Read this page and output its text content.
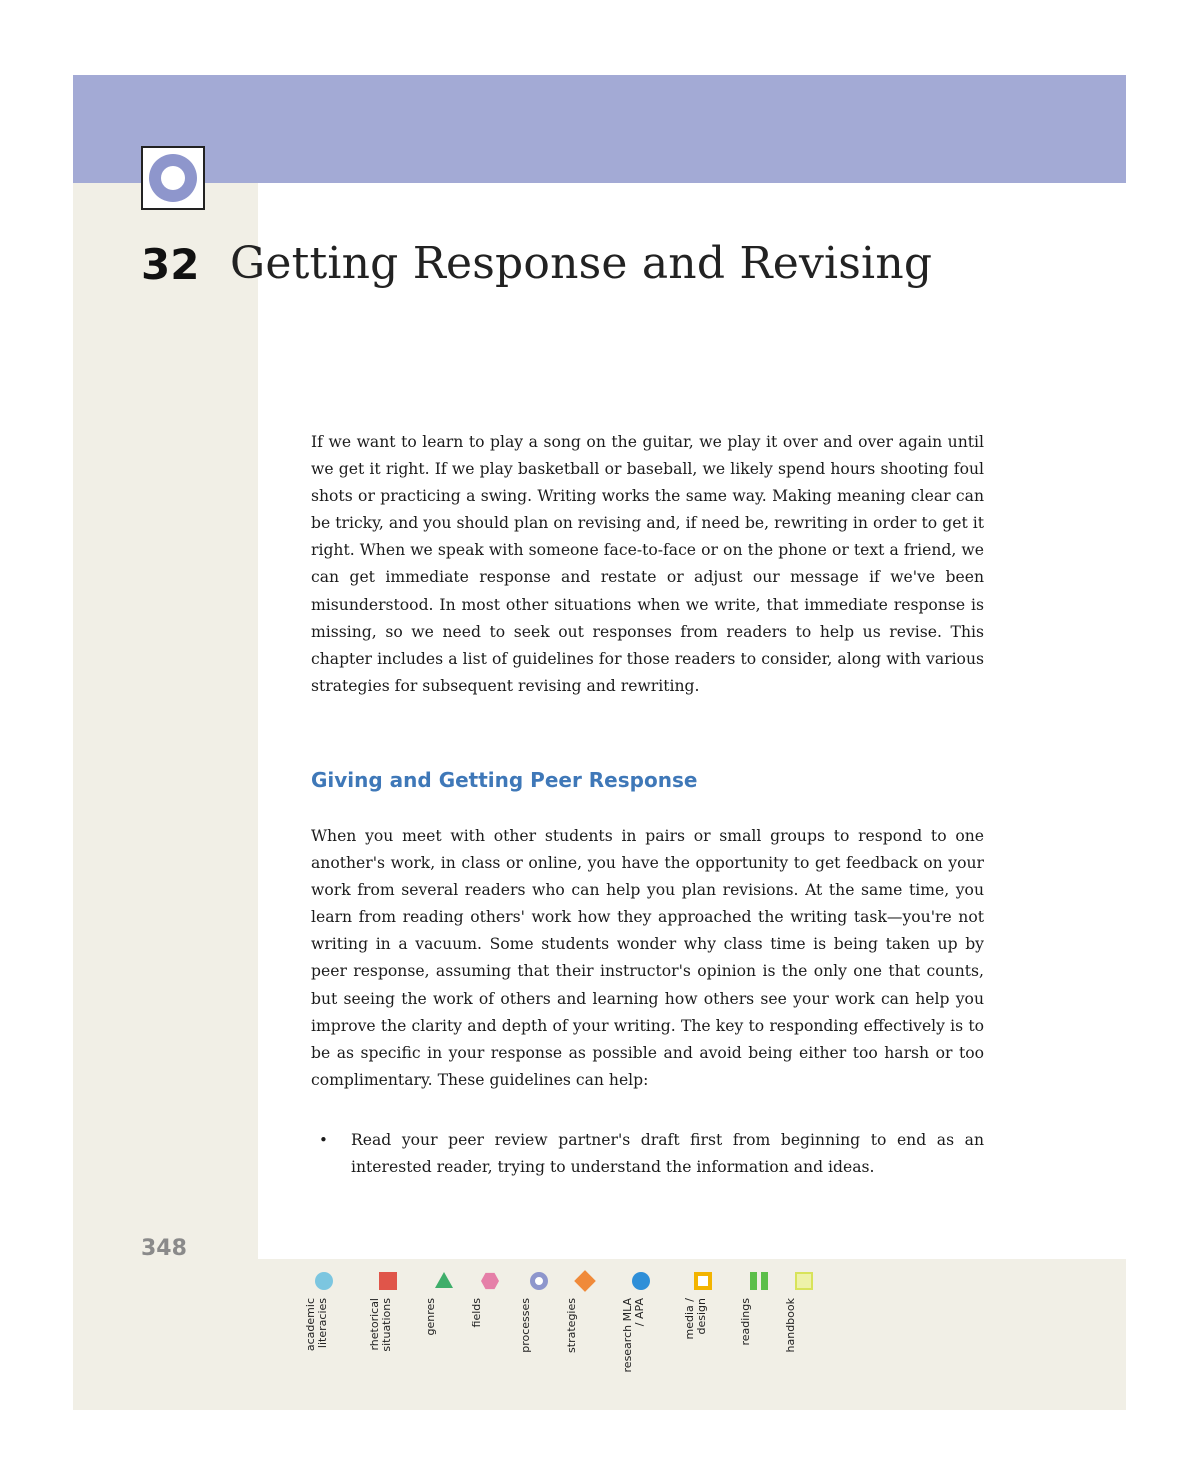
32 Getting Response and Revising

If we want to learn to play a song on the guitar, we play it over and over again until we get it right. If we play basketball or baseball, we likely spend hours shooting foul shots or practicing a swing. Writing works the same way. Making meaning clear can be tricky, and you should plan on revising and, if need be, rewriting in order to get it right. When we speak with someone face-to-face or on the phone or text a friend, we can get immediate response and restate or adjust our message if we've been misunderstood. In most other situations when we write, that immediate response is missing, so we need to seek out responses from readers to help us revise. This chapter includes a list of guidelines for those readers to consider, along with various strategies for subsequent revising and rewriting.

Giving and Getting Peer Response

When you meet with other students in pairs or small groups to respond to one another's work, in class or online, you have the opportunity to get feedback on your work from several readers who can help you plan revisions. At the same time, you learn from reading others' work how they approached the writing task—you're not writing in a vacuum. Some students wonder why class time is being taken up by peer response, assuming that their instructor's opinion is the only one that counts, but seeing the work of others and learning how others see your work can help you improve the clarity and depth of your writing. The key to responding effectively is to be as specific in your response as possible and avoid being either too harsh or too complimentary. These guidelines can help:

• Read your peer review partner's draft first from beginning to end as an interested reader, trying to understand the information and ideas.
348
academic literacies	rhetorical situations	genres	fields	processes	strategies	research MLA / APA	media / design	readings	handbook
